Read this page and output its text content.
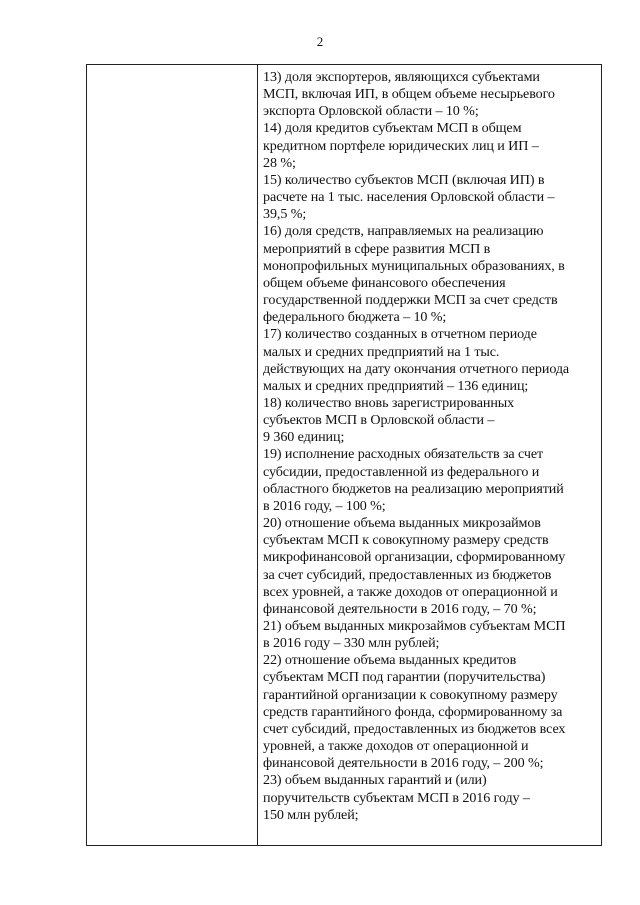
2
13) доля экспортеров, являющихся субъектами
МСП, включая ИП, в общем объеме несырьевого
экспорта Орловской области – 10 %;
14) доля кредитов субъектам МСП в общем
кредитном портфеле юридических лиц и ИП –
28 %;
15) количество субъектов МСП (включая ИП) в
расчете на 1 тыс. населения Орловской области –
39,5 %;
16) доля средств, направляемых на реализацию
мероприятий в сфере развития МСП в
монопрофильных муниципальных образованиях, в
общем объеме финансового обеспечения
государственной поддержки МСП за счет средств
федерального бюджета – 10 %;
17) количество созданных в отчетном периоде
малых и средних предприятий на 1 тыс.
действующих на дату окончания отчетного периода
малых и средних предприятий – 136 единиц;
18) количество вновь зарегистрированных
субъектов МСП в Орловской области –
9 360 единиц;
19) исполнение расходных обязательств за счет
субсидии, предоставленной из федерального и
областного бюджетов на реализацию мероприятий
в 2016 году, – 100 %;
20) отношение объема выданных микрозаймов
субъектам МСП к совокупному размеру средств
микрофинансовой организации, сформированному
за счет субсидий, предоставленных из бюджетов
всех уровней, а также доходов от операционной и
финансовой деятельности в 2016 году, – 70 %;
21) объем выданных микрозаймов субъектам МСП
в 2016 году – 330 млн рублей;
22) отношение объема выданных кредитов
субъектам МСП под гарантии (поручительства)
гарантийной организации к совокупному размеру
средств гарантийного фонда, сформированному за
счет субсидий, предоставленных из бюджетов всех
уровней, а также доходов от операционной и
финансовой деятельности в 2016 году, – 200 %;
23) объем выданных гарантий и (или)
поручительств субъектам МСП в 2016 году –
150 млн рублей;
